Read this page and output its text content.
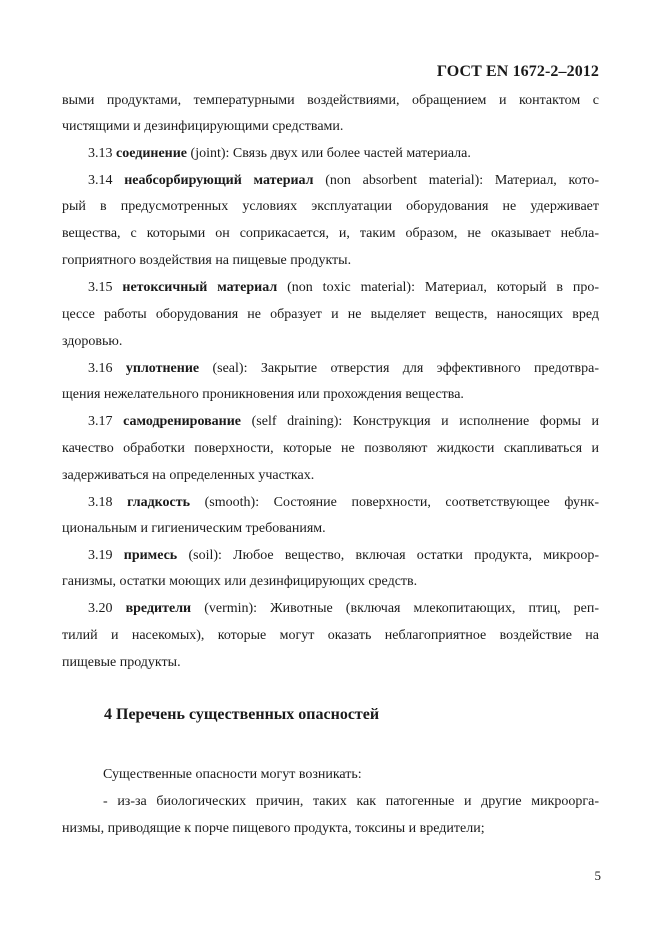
ГОСТ EN 1672-2–2012
выми продуктами, температурными воздействиями, обращением и контактом с
чистящими и дезинфицирующими средствами.
3.13 соединение (joint): Связь двух или более частей материала.
3.14 неабсорбирующий материал (non absorbent material): Материал, кото-
рый в предусмотренных условиях эксплуатации оборудования не удерживает
вещества, с которыми он соприкасается, и, таким образом, не оказывает небла-
гоприятного воздействия на пищевые продукты.
3.15 нетоксичный материал (non toxic material): Материал, который в про-
цессе работы оборудования не образует и не выделяет веществ, наносящих вред
здоровью.
3.16 уплотнение (seal): Закрытие отверстия для эффективного предотвра-
щения нежелательного проникновения или прохождения вещества.
3.17 самодренирование (self draining): Конструкция и исполнение формы и
качество обработки поверхности, которые не позволяют жидкости скапливаться и
задерживаться на определенных участках.
3.18 гладкость (smooth): Состояние поверхности, соответствующее функ-
циональным и гигиеническим требованиям.
3.19 примесь (soil): Любое вещество, включая остатки продукта, микроор-
ганизмы, остатки моющих или дезинфицирующих средств.
3.20 вредители (vermin): Животные (включая млекопитающих, птиц, реп-
тилий и насекомых), которые могут оказать неблагоприятное воздействие на
пищевые продукты.
Существенные опасности могут возникать:
- из-за биологических причин, таких как патогенные и другие микроорга-
низмы, приводящие к порче пищевого продукта, токсины и вредители;
4 Перечень существенных опасностей
5
